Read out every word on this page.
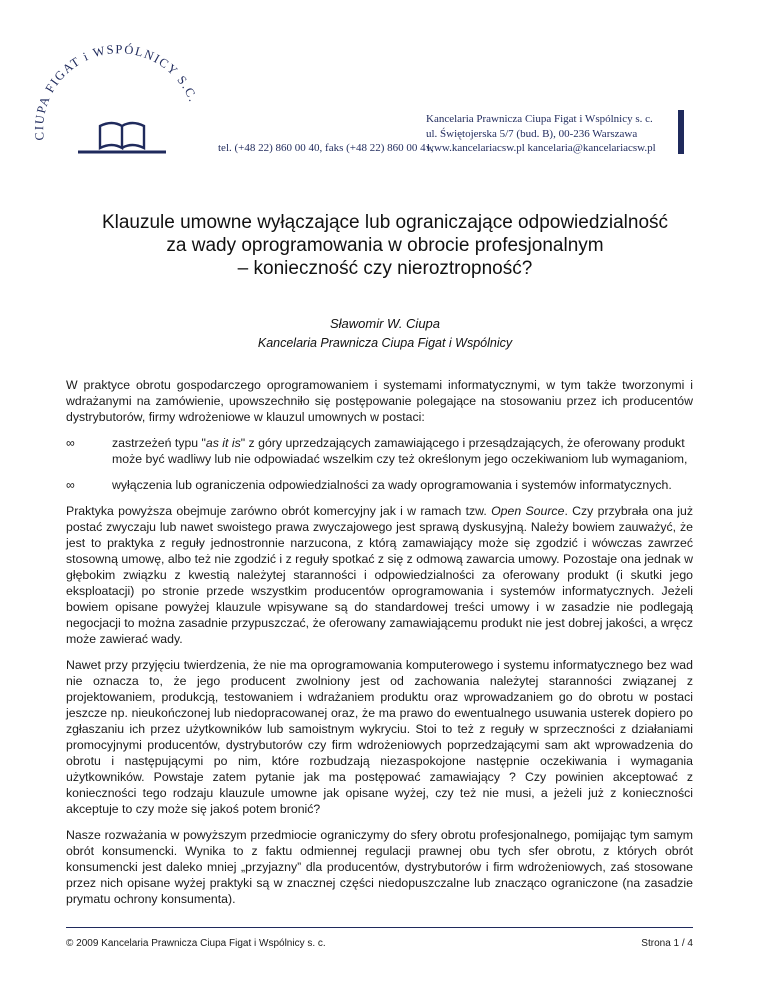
CIUPA FIGAT i WSPÓLNICY S.C.
Kancelaria Prawnicza Ciupa Figat i Wspólnicy s. c.
ul. Świętojerska 5/7 (bud. B), 00-236 Warszawa
www.kancelariacsw.pl kancelaria@kancelariacsw.pl
tel. (+48 22) 860 00 40, faks (+48 22) 860 00 41,
Klauzule umowne wyłączające lub ograniczające odpowiedzialność
za wady oprogramowania w obrocie profesjonalnym
– konieczność czy nieroztropność?
Sławomir W. Ciupa
Kancelaria Prawnicza Ciupa Figat i Wspólnicy

W praktyce obrotu gospodarczego oprogramowaniem i systemami informatycznymi, w tym także tworzonymi i wdrażanymi na zamówienie, upowszechniło się postępowanie polegające na stosowaniu przez ich producentów dystrybutorów, firmy wdrożeniowe w klauzul umownych w postaci:

∞	zastrzeżeń typu "as it is" z góry uprzedzających zamawiającego i przesądzających, że oferowany produkt może być wadliwy lub nie odpowiadać wszelkim czy też określonym jego oczekiwaniom lub wymaganiom,
∞	wyłączenia lub ograniczenia odpowiedzialności za wady oprogramowania i systemów informatycznych.

Praktyka powyższa obejmuje zarówno obrót komercyjny jak i w ramach tzw. Open Source. Czy przybrała ona już postać zwyczaju lub nawet swoistego prawa zwyczajowego jest sprawą dyskusyjną. Należy bowiem zauważyć, że jest to praktyka z reguły jednostronnie narzucona, z którą zamawiający może się zgodzić i wówczas zawrzeć stosowną umowę, albo też nie zgodzić i z reguły spotkać z się z odmową zawarcia umowy. Pozostaje ona jednak w głębokim związku z kwestią należytej staranności i odpowiedzialności za oferowany produkt (i skutki jego eksploatacji) po stronie przede wszystkim producentów oprogramowania i systemów informatycznych. Jeżeli bowiem opisane powyżej klauzule wpisywane są do standardowej treści umowy i w zasadzie nie podlegają negocjacji to można zasadnie przypuszczać, że oferowany zamawiającemu produkt nie jest dobrej jakości, a wręcz może zawierać wady.

Nawet przy przyjęciu twierdzenia, że nie ma oprogramowania komputerowego i systemu informatycznego bez wad nie oznacza to, że jego producent zwolniony jest od zachowania należytej staranności związanej z projektowaniem, produkcją, testowaniem i wdrażaniem produktu oraz wprowadzaniem go do obrotu w postaci jeszcze np. nieukończonej lub niedopracowanej oraz, że ma prawo do ewentualnego usuwania usterek dopiero po zgłaszaniu ich przez użytkowników lub samoistnym wykryciu. Stoi to też z reguły w sprzeczności z działaniami promocyjnymi producentów, dystrybutorów czy firm wdrożeniowych poprzedzającymi sam akt wprowadzenia do obrotu i następującymi po nim, które rozbudzają niezaspokojone następnie oczekiwania i wymagania użytkowników. Powstaje zatem pytanie jak ma postępować zamawiający ? Czy powinien akceptować z konieczności tego rodzaju klauzule umowne jak opisane wyżej, czy też nie musi, a jeżeli już z konieczności akceptuje to czy może się jakoś potem bronić?

Nasze rozważania w powyższym przedmiocie ograniczymy do sfery obrotu profesjonalnego, pomijając tym samym obrót konsumencki. Wynika to z faktu odmiennej regulacji prawnej obu tych sfer obrotu, z których obrót konsumencki jest daleko mniej „przyjazny” dla producentów, dystrybutorów i firm wdrożeniowych, zaś stosowane przez nich opisane wyżej praktyki są w znacznej części niedopuszczalne lub znacząco ograniczone (na zasadzie prymatu ochrony konsumenta).

© 2009 Kancelaria Prawnicza Ciupa Figat i Wspólnicy s. c.	Strona 1 / 4
